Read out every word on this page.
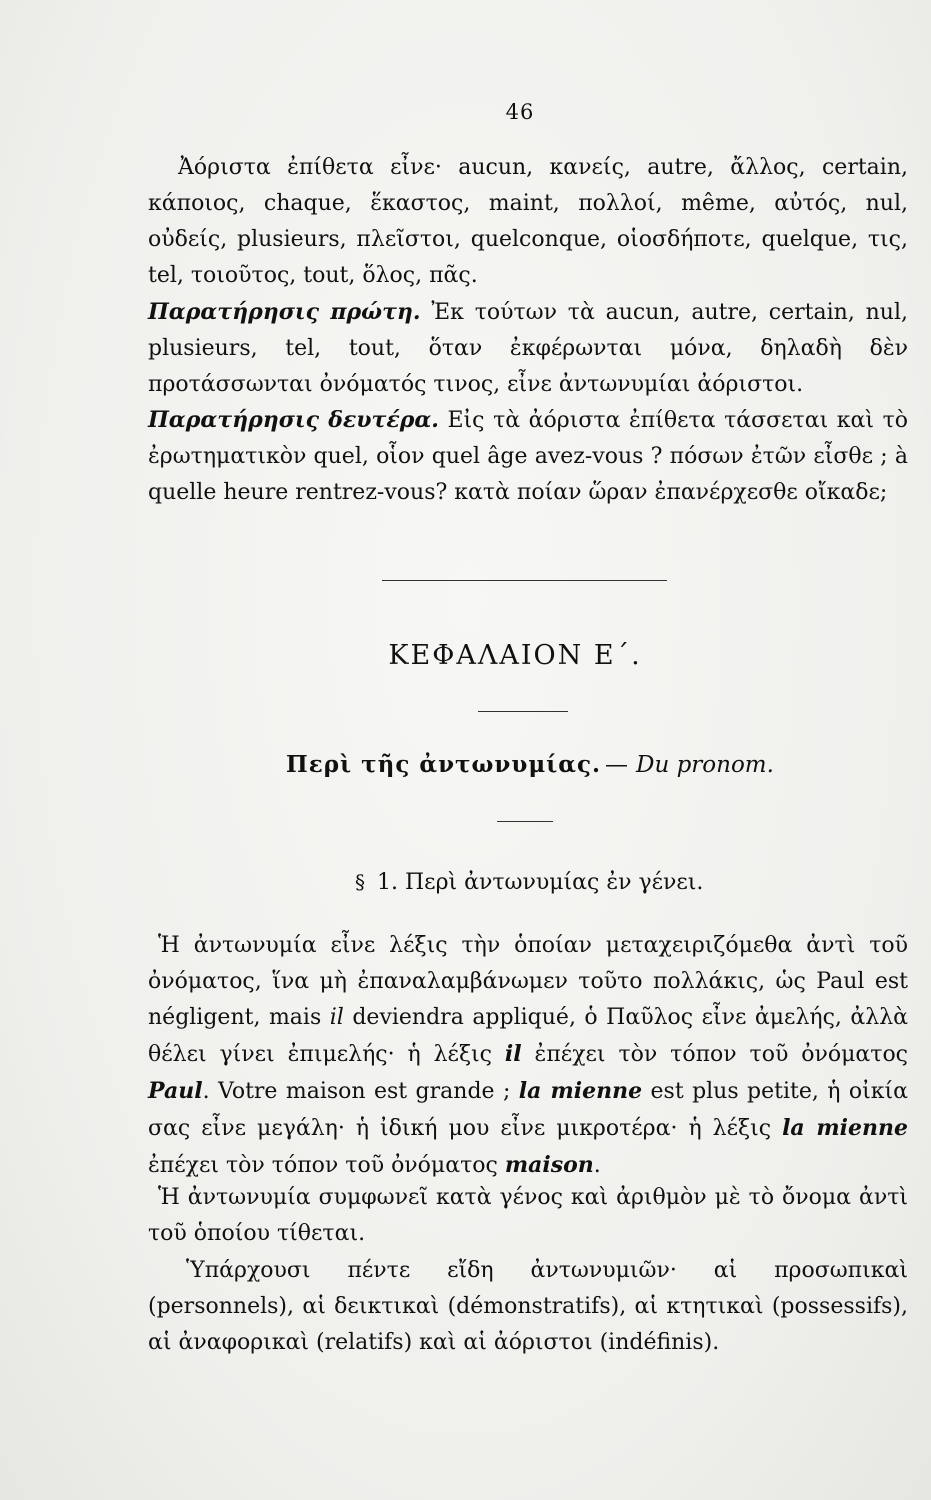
46
Ἀόριστα ἐπίθετα εἶνε· aucun, κανείς, autre, ἄλλος, certain, κάποιος, chaque, ἕκαστος, maint, πολλοί, même, αὐτός, nul, οὐδείς, plusieurs, πλεῖστοι, quelconque, οἱοσδήποτε, quelque, τις, tel, τοιοῦτος, tout, ὅλος, πᾶς.
Παρατήρησις πρώτη. Ἐκ τούτων τὰ aucun, autre, certain, nul, plusieurs, tel, tout, ὅταν ἐκφέρωνται μόνα, δηλαδὴ δὲν προτάσσωνται ὀνόματός τινος, εἶνε ἀντωνυμίαι ἀόριστοι.
Παρατήρησις δευτέρα. Εἰς τὰ ἀόριστα ἐπίθετα τάσσεται καὶ τὸ ἐρωτηματικὸν quel, οἷον quel âge avez-vous ? πόσων ἐτῶν εἶσθε ; à quelle heure rentrez-vous? κατὰ ποίαν ὥραν ἐπανέρχεσθε οἴκαδε;
ΚΕΦΑΛΑΙΟΝ Ε΄.
Περὶ τῆς ἀντωνυμίας. — Du pronom.
§ 1. Περὶ ἀντωνυμίας ἐν γένει.
Ἡ ἀντωνυμία εἶνε λέξις τὴν ὁποίαν μεταχειριζόμεθα ἀντὶ τοῦ ὀνόματος, ἵνα μὴ ἐπαναλαμβάνωμεν τοῦτο πολλάκις, ὡς Paul est négligent, mais il deviendra appliqué, ὁ Παῦλος εἶνε ἀμελής, ἀλλὰ θέλει γίνει ἐπιμελής· ἡ λέξις il ἐπέχει τὸν τόπον τοῦ ὀνόματος Paul. Votre maison est grande ; la mienne est plus petite, ἡ οἰκία σας εἶνε μεγάλη· ἡ ἰδική μου εἶνε μικροτέρα· ἡ λέξις la mienne ἐπέχει τὸν τόπον τοῦ ὀνόματος maison.
Ἡ ἀντωνυμία συμφωνεῖ κατὰ γένος καὶ ἀριθμὸν μὲ τὸ ὄνομα ἀντὶ τοῦ ὁποίου τίθεται.
Ὑπάρχουσι πέντε εἴδη ἀντωνυμιῶν· αἱ προσωπικαὶ (personnels), αἱ δεικτικαὶ (démonstratifs), αἱ κτητικαὶ (possessifs), αἱ ἀναφορικαὶ (relatifs) καὶ αἱ ἀόριστοι (indéfinis).
